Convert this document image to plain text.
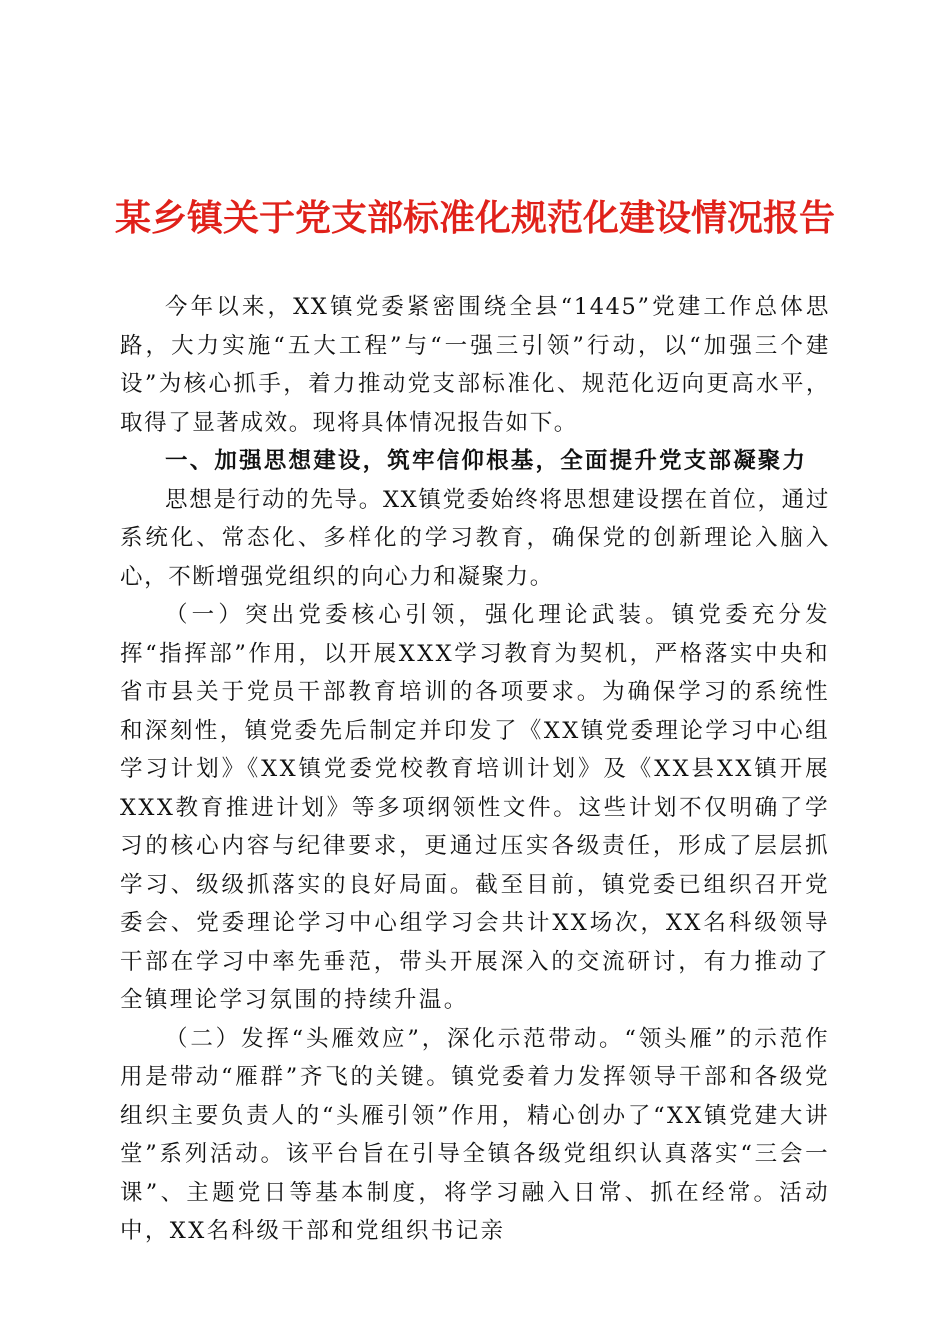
某乡镇关于党支部标准化规范化建设情况报告

今年以来，XX镇党委紧密围绕全县“1445”党建工作总体思路，大力实施“五大工程”与“一强三引领”行动，以“加强三个建设”为核心抓手，着力推动党支部标准化、规范化迈向更高水平，取得了显著成效。现将具体情况报告如下。

一、加强思想建设，筑牢信仰根基，全面提升党支部凝聚力

思想是行动的先导。XX镇党委始终将思想建设摆在首位，通过系统化、常态化、多样化的学习教育，确保党的创新理论入脑入心，不断增强党组织的向心力和凝聚力。

（一）突出党委核心引领，强化理论武装。镇党委充分发挥“指挥部”作用，以开展XXX学习教育为契机，严格落实中央和省市县关于党员干部教育培训的各项要求。为确保学习的系统性和深刻性，镇党委先后制定并印发了《XX镇党委理论学习中心组学习计划》《XX镇党委党校教育培训计划》及《XX县XX镇开展XXX教育推进计划》等多项纲领性文件。这些计划不仅明确了学习的核心内容与纪律要求，更通过压实各级责任，形成了层层抓学习、级级抓落实的良好局面。截至目前，镇党委已组织召开党委会、党委理论学习中心组学习会共计XX场次，XX名科级领导干部在学习中率先垂范，带头开展深入的交流研讨，有力推动了全镇理论学习氛围的持续升温。

（二）发挥“头雁效应”，深化示范带动。“领头雁”的示范作用是带动“雁群”齐飞的关键。镇党委着力发挥领导干部和各级党组织主要负责人的“头雁引领”作用，精心创办了“XX镇党建大讲堂”系列活动。该平台旨在引导全镇各级党组织认真落实“三会一课”、主题党日等基本制度，将学习融入日常、抓在经常。活动中，XX名科级干部和党组织书记亲
